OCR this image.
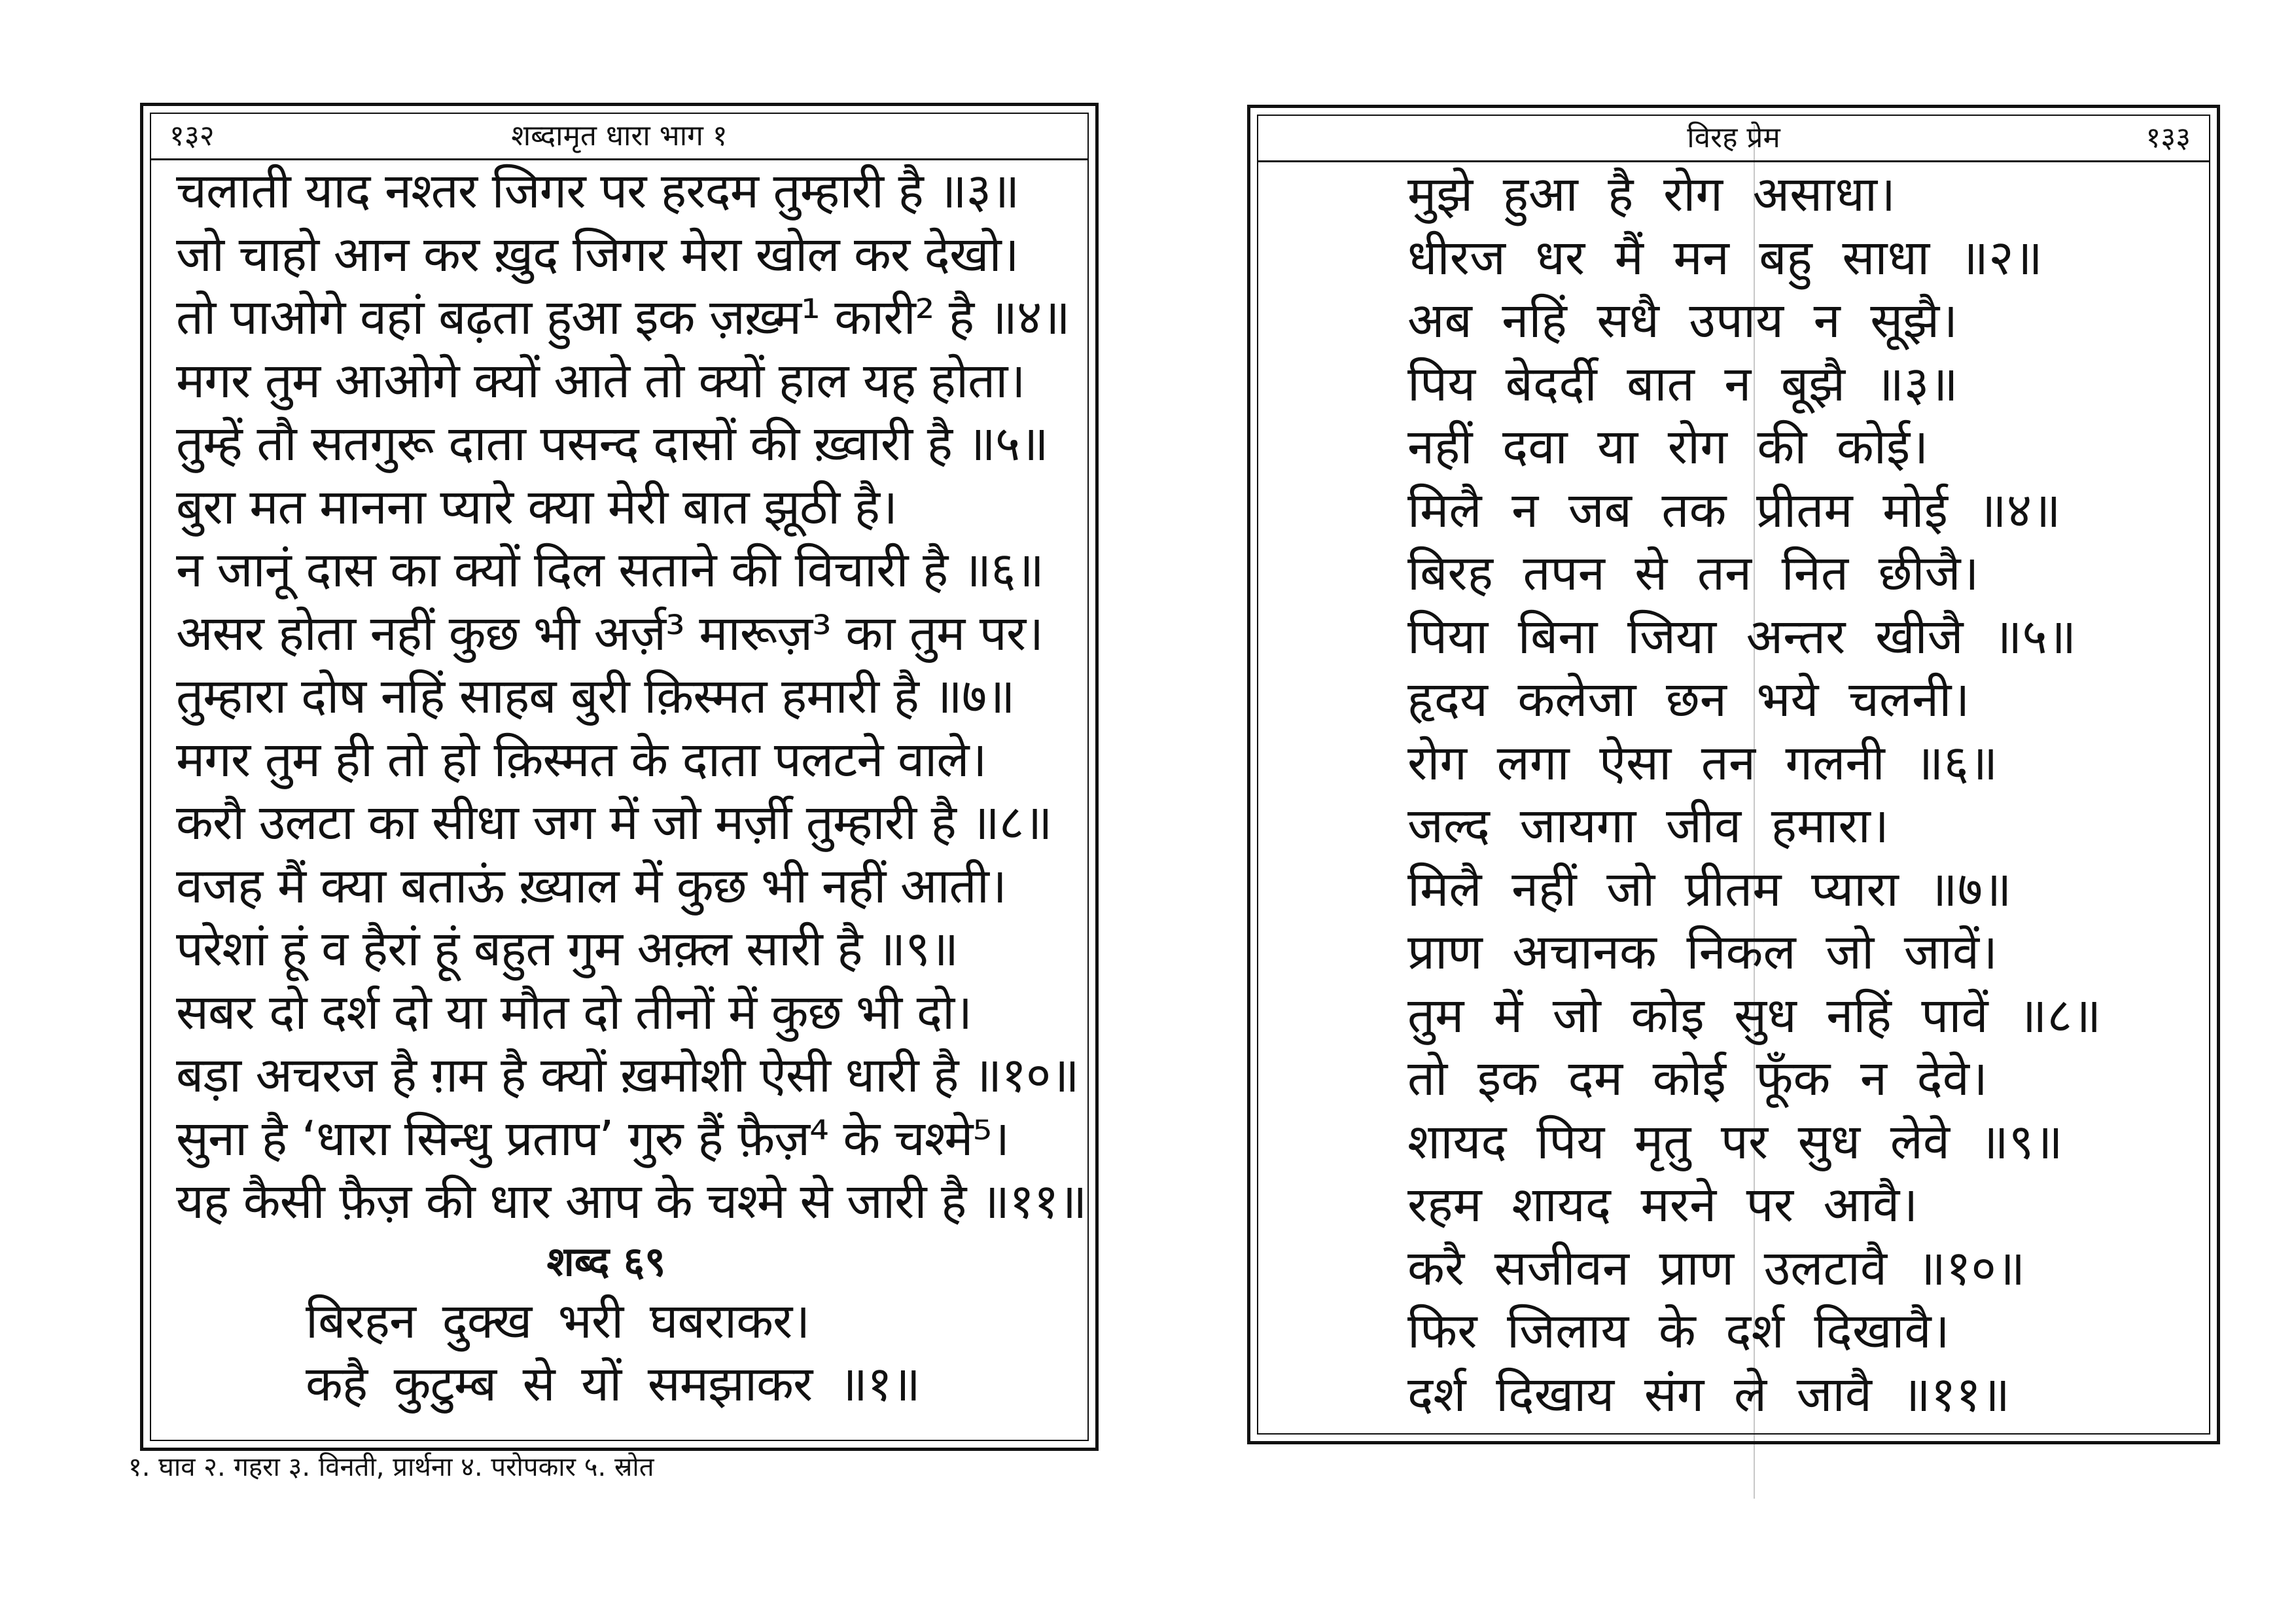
१३२	शब्दामृत धारा भाग १
चलाती याद नश्तर जिगर पर हरदम तुम्हारी है ॥३॥
जो चाहो आन कर ख़ुद जिगर मेरा खोल कर देखो।
तो पाओगे वहां बढ़ता हुआ इक ज़ख़्म¹ कारी² है ॥४॥
मगर तुम आओगे क्यों आते तो क्यों हाल यह होता।
तुम्हें तौ सतगुरू दाता पसन्द दासों की ख़्वारी है ॥५॥
बुरा मत मानना प्यारे क्या मेरी बात झूठी है।
न जानूं दास का क्यों दिल सताने की विचारी है ॥६॥
असर होता नहीं कुछ भी अर्ज़³ मारूज़³ का तुम पर।
तुम्हारा दोष नहिं साहब बुरी क़िस्मत हमारी है ॥७॥
मगर तुम ही तो हो क़िस्मत के दाता पलटने वाले।
करौ उलटा का सीधा जग में जो मर्ज़ी तुम्हारी है ॥८॥
वजह मैं क्या बताऊं ख़्याल में कुछ भी नहीं आती।
परेशां हूं व हैरां हूं बहुत गुम अक़्ल सारी है ॥९॥
सबर दो दर्श दो या मौत दो तीनों में कुछ भी दो।
बड़ा अचरज है ग़म है क्यों ख़मोशी ऐसी धारी है ॥१०॥
सुना है ‘धारा सिन्धु प्रताप’ गुरु हैं फ़ैज़⁴ के चश्मे⁵।
यह कैसी फ़ैज़ की धार आप के चश्मे से जारी है ॥११॥
शब्द ६९
बिरहन दुक्ख भरी घबराकर।
कहै कुटुम्ब से यों समझाकर ॥१॥
१. घाव २. गहरा ३. विनती, प्रार्थना ४. परोपकार ५. स्रोत
विरह प्रेम	१३३
मुझे हुआ है रोग असाधा।
धीरज धर मैं मन बहु साधा ॥२॥
अब नहिं सधै उपाय न सूझै।
पिय बेदर्दी बात न बूझै ॥३॥
नहीं दवा या रोग की कोई।
मिलै न जब तक प्रीतम मोई ॥४॥
बिरह तपन से तन नित छीजै।
पिया बिना जिया अन्तर खीजै ॥५॥
हृदय कलेजा छन भये चलनी।
रोग लगा ऐसा तन गलनी ॥६॥
जल्द जायगा जीव हमारा।
मिलै नहीं जो प्रीतम प्यारा ॥७॥
प्राण अचानक निकल जो जावें।
तुम में जो कोइ सुध नहिं पावें ॥८॥
तो इक दम कोई फूँक न देवे।
शायद पिय मृतु पर सुध लेवे ॥९॥
रहम शायद मरने पर आवै।
करै सजीवन प्राण उलटावै ॥१०॥
फिर जिलाय के दर्श दिखावै।
दर्श दिखाय संग ले जावै ॥११॥
